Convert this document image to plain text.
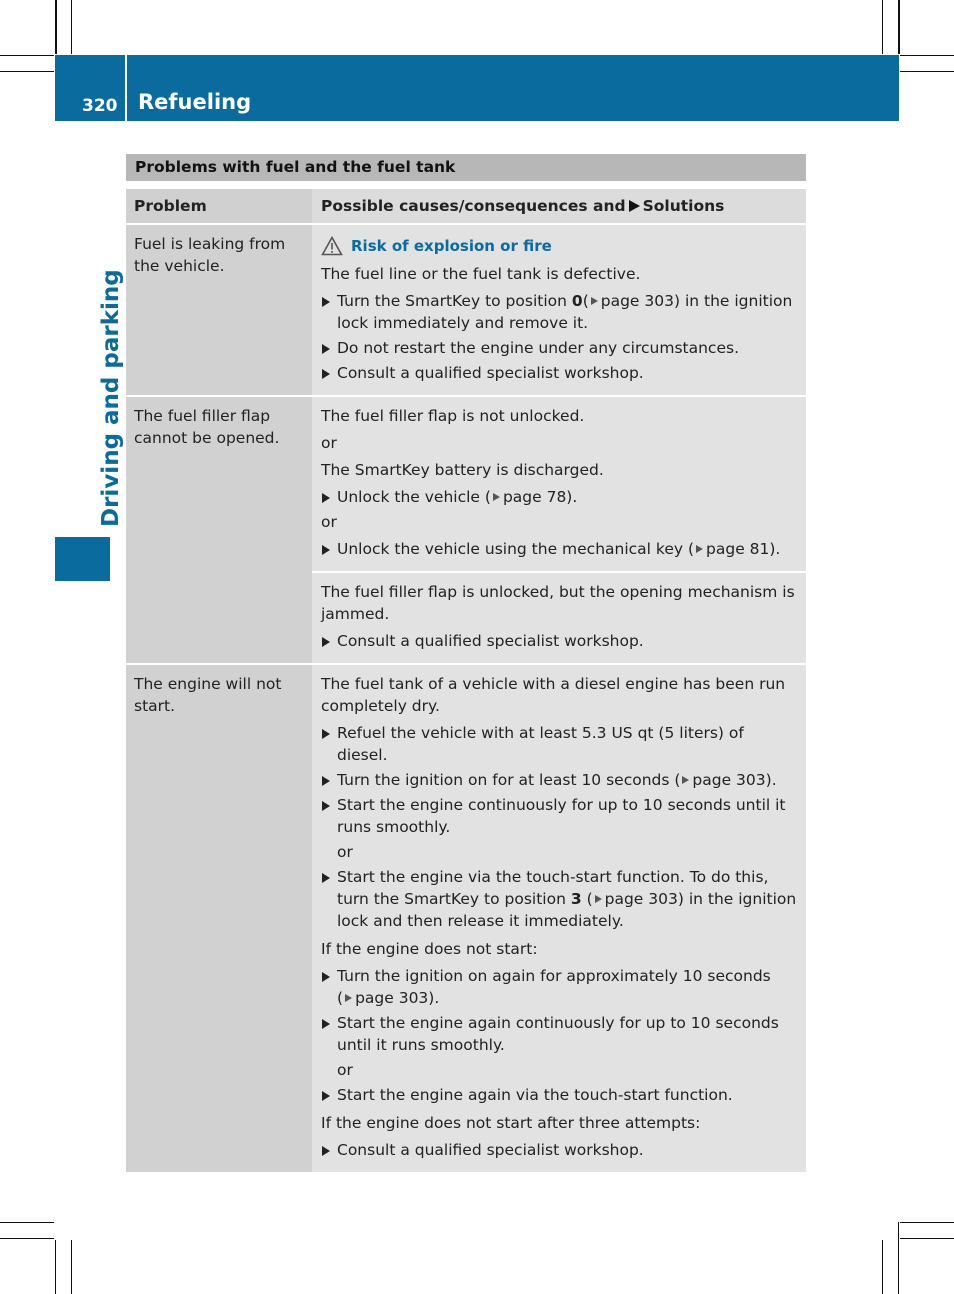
320 Refueling
Driving and parking
Problems with fuel and the fuel tank
Problem	Possible causes/consequences and Solutions
Fuel is leaking from the vehicle.
Risk of explosion or fire
The fuel line or the fuel tank is defective.
Turn the SmartKey to position 0( page 303) in the ignition lock immediately and remove it.
Do not restart the engine under any circumstances.
Consult a qualified specialist workshop.
The fuel filler flap cannot be opened.
The fuel filler flap is not unlocked.
or
The SmartKey battery is discharged.
Unlock the vehicle ( page 78).
or
Unlock the vehicle using the mechanical key ( page 81).
The fuel filler flap is unlocked, but the opening mechanism is jammed.
Consult a qualified specialist workshop.
The engine will not start.
The fuel tank of a vehicle with a diesel engine has been run completely dry.
Refuel the vehicle with at least 5.3 US qt (5 liters) of diesel.
Turn the ignition on for at least 10 seconds ( page 303).
Start the engine continuously for up to 10 seconds until it runs smoothly.
or
Start the engine via the touch-start function. To do this, turn the SmartKey to position 3 ( page 303) in the ignition lock and then release it immediately.
If the engine does not start:
Turn the ignition on again for approximately 10 seconds
( page 303).
Start the engine again continuously for up to 10 seconds until it runs smoothly.
or
Start the engine again via the touch-start function.
If the engine does not start after three attempts:
Consult a qualified specialist workshop.
